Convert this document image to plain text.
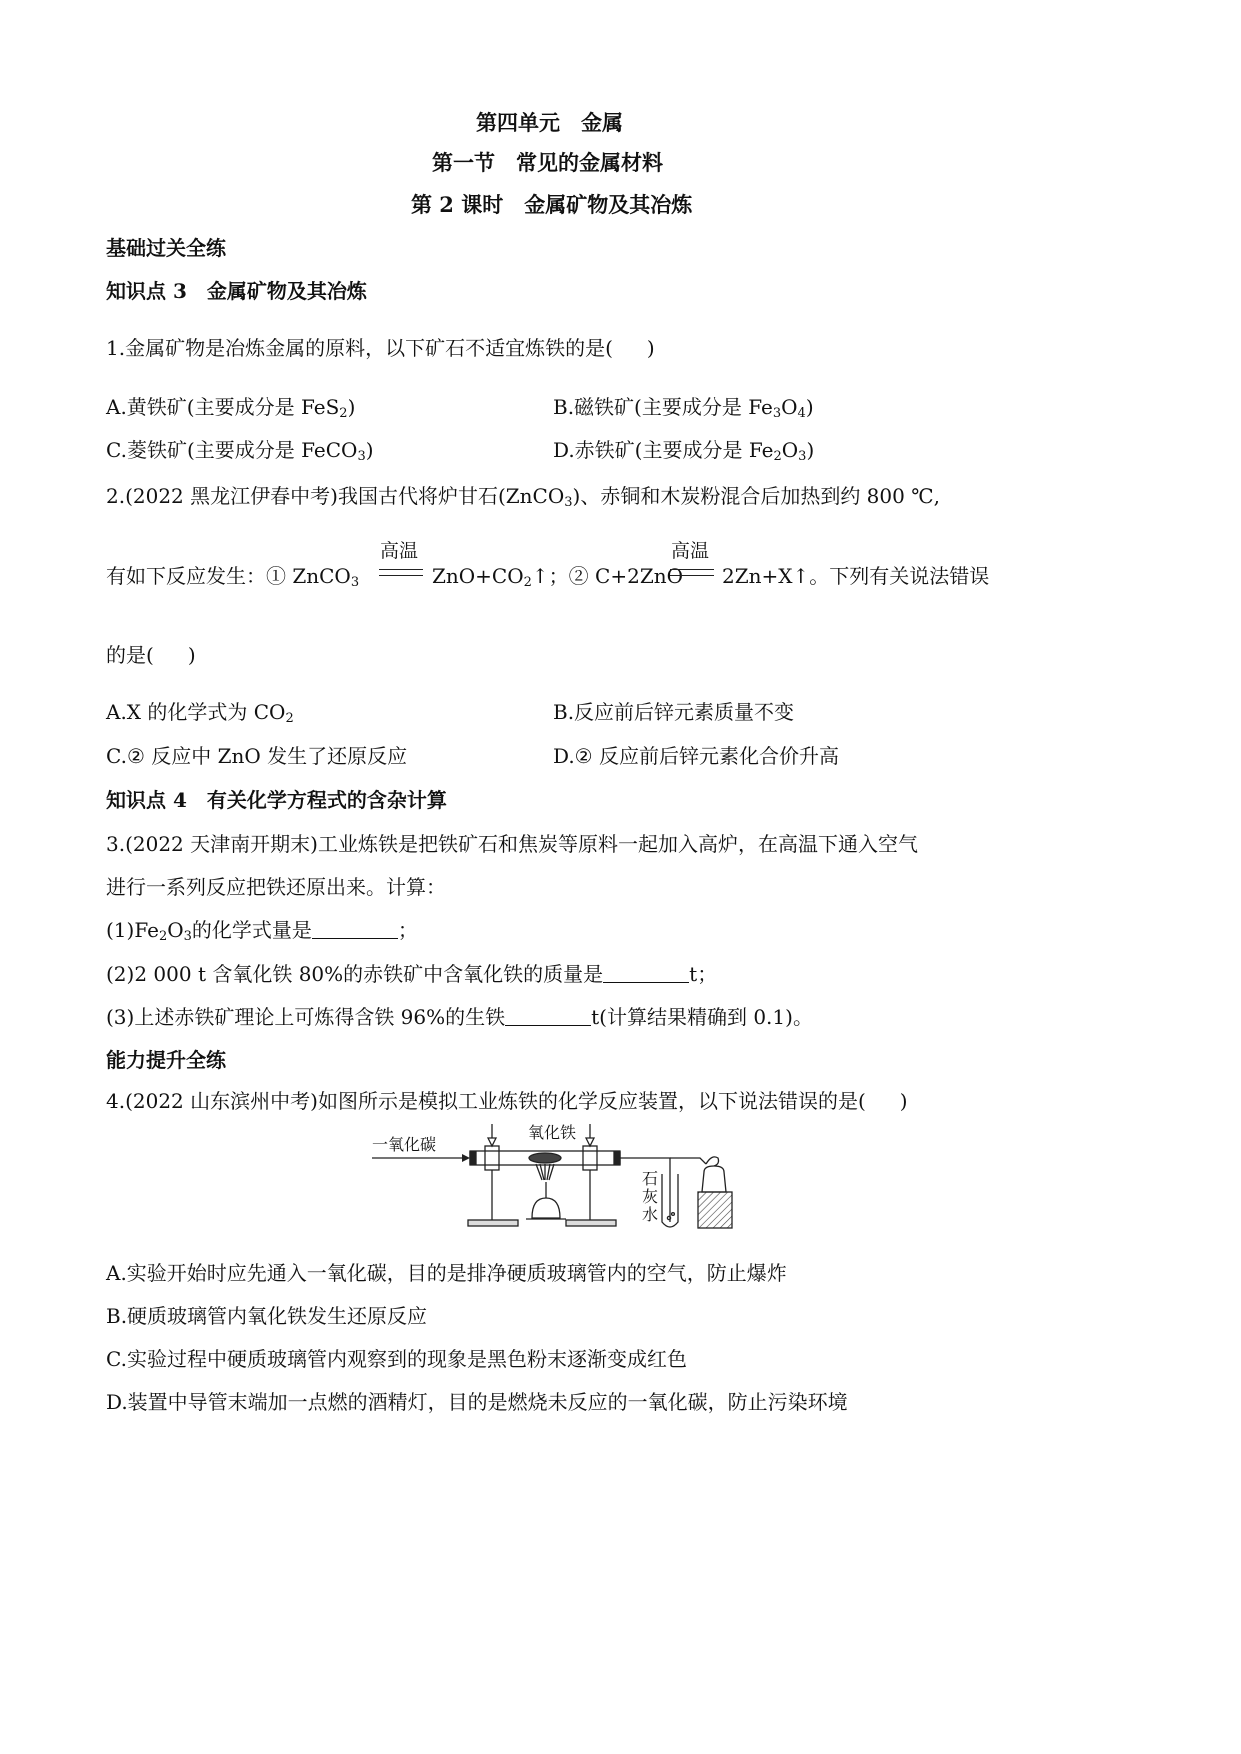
第四单元　金属

第一节　常见的金属材料

第 2 课时　金属矿物及其冶炼

基础过关全练

知识点 3　金属矿物及其冶炼

1.金属矿物是冶炼金属的原料，以下矿石不适宜炼铁的是( )

A.黄铁矿(主要成分是 FeS$_2$)	B.磁铁矿(主要成分是 $Fe_3O_4$)

C.菱铁矿(主要成分是 FeCO$_3$)	D.赤铁矿(主要成分是 $Fe_2O_3$)

2.(2022 黑龙江伊春中考)我国古代将炉甘石(ZnCO$_3$)、赤铜和木炭粉混合后加热到约 800 ℃,

有如下反应发生：① ZnCO$_3$

高温

$ZnO+CO_2↑$；② C+2ZnO

高温

2Zn+X↑。下列有关说法错误

的是( )

A.X 的化学式为 $CO_2$	B.反应前后锌元素质量不变

C.② 反应中 ZnO 发生了还原反应	D.② 反应前后锌元素化合价升高

知识点 4　有关化学方程式的含杂计算

3.(2022 天津南开期末)工业炼铁是把铁矿石和焦炭等原料一起加入高炉，在高温下通入空气

进行一系列反应把铁还原出来。计算：

$(1)Fe_2O_3$的化学式量是	；

(2)2 000 t 含氧化铁 80%的赤铁矿中含氧化铁的质量是	t；

(3)上述赤铁矿理论上可炼得含铁 96%的生铁	t(计算结果精确到 0.1)。

能力提升全练

4.(2022 山东滨州中考)如图所示是模拟工业炼铁的化学反应装置，以下说法错误的是( )

一氧化碳
氧化铁
石
灰
水

A.实验开始时应先通入一氧化碳，目的是排净硬质玻璃管内的空气，防止爆炸

B.硬质玻璃管内氧化铁发生还原反应

C.实验过程中硬质玻璃管内观察到的现象是黑色粉末逐渐变成红色

D.装置中导管末端加一点燃的酒精灯，目的是燃烧未反应的一氧化碳，防止污染环境
